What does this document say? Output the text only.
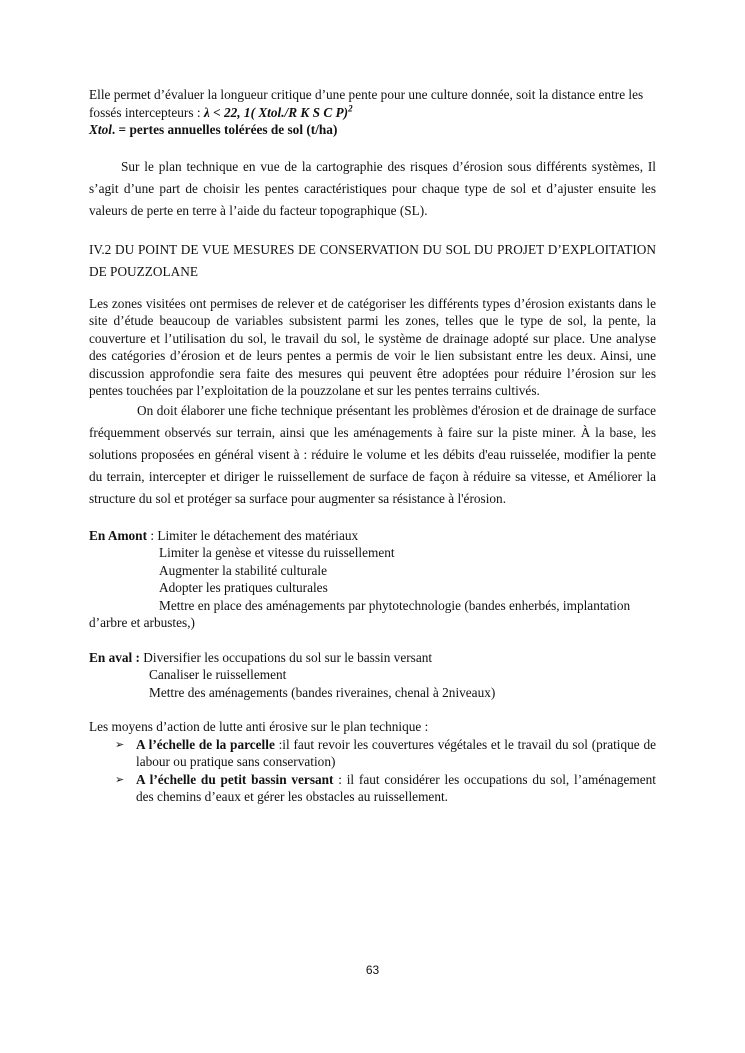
Elle permet d’évaluer la longueur critique d’une pente pour une culture donnée, soit la distance entre les fossés intercepteurs : λ < 22, 1( Xtol./R K S C P)$^2$

Xtol. = pertes annuelles tolérées de sol (t/ha)

Sur le plan technique en vue de la cartographie des risques d’érosion sous différents systèmes, Il s’agit d’une part de choisir les pentes caractéristiques pour chaque type de sol et d’ajuster ensuite les valeurs de perte en terre à l’aide du facteur topographique (SL).

IV.2 DU POINT DE VUE MESURES DE CONSERVATION DU SOL DU PROJET D’EXPLOITATION DE POUZZOLANE

Les zones visitées ont permises de relever et de catégoriser les différents types d’érosion existants dans le site d’étude beaucoup de variables subsistent parmi les zones, telles que le type de sol, la pente, la couverture et l’utilisation du sol, le travail du sol, le système de drainage adopté sur place. Une analyse des catégories d’érosion et de leurs pentes a permis de voir le lien subsistant entre les deux. Ainsi, une discussion approfondie sera faite des mesures qui peuvent être adoptées pour réduire l’érosion sur les pentes touchées par l’exploitation de la pouzzolane et sur les pentes terrains cultivés.

On doit élaborer une fiche technique présentant les problèmes d'érosion et de drainage de surface fréquemment observés sur terrain, ainsi que les aménagements à faire sur la piste miner. À la base, les solutions proposées en général visent à : réduire le volume et les débits d'eau ruisselée, modifier la pente du terrain, intercepter et diriger le ruissellement de surface de façon à réduire sa vitesse, et Améliorer la structure du sol et protéger sa surface pour augmenter sa résistance à l'érosion.

En Amont : Limiter le détachement des matériaux

Limiter la genèse et vitesse du ruissellement

Augmenter la stabilité culturale

Adopter les pratiques culturales

Mettre en place des aménagements par phytotechnologie (bandes enherbés, implantation d’arbre et arbustes,)

En aval : Diversifier les occupations du sol sur le bassin versant

Canaliser le ruissellement

Mettre des aménagements (bandes riveraines, chenal à 2niveaux)

Les moyens d’action de lutte anti érosive sur le plan technique :

➢ A l’échelle de la parcelle :il faut revoir les couvertures végétales et le travail du sol (pratique de labour ou pratique sans conservation)
➢ A l’échelle du petit bassin versant : il faut considérer les occupations du sol, l’aménagement des chemins d’eaux et gérer les obstacles au ruissellement.
63
